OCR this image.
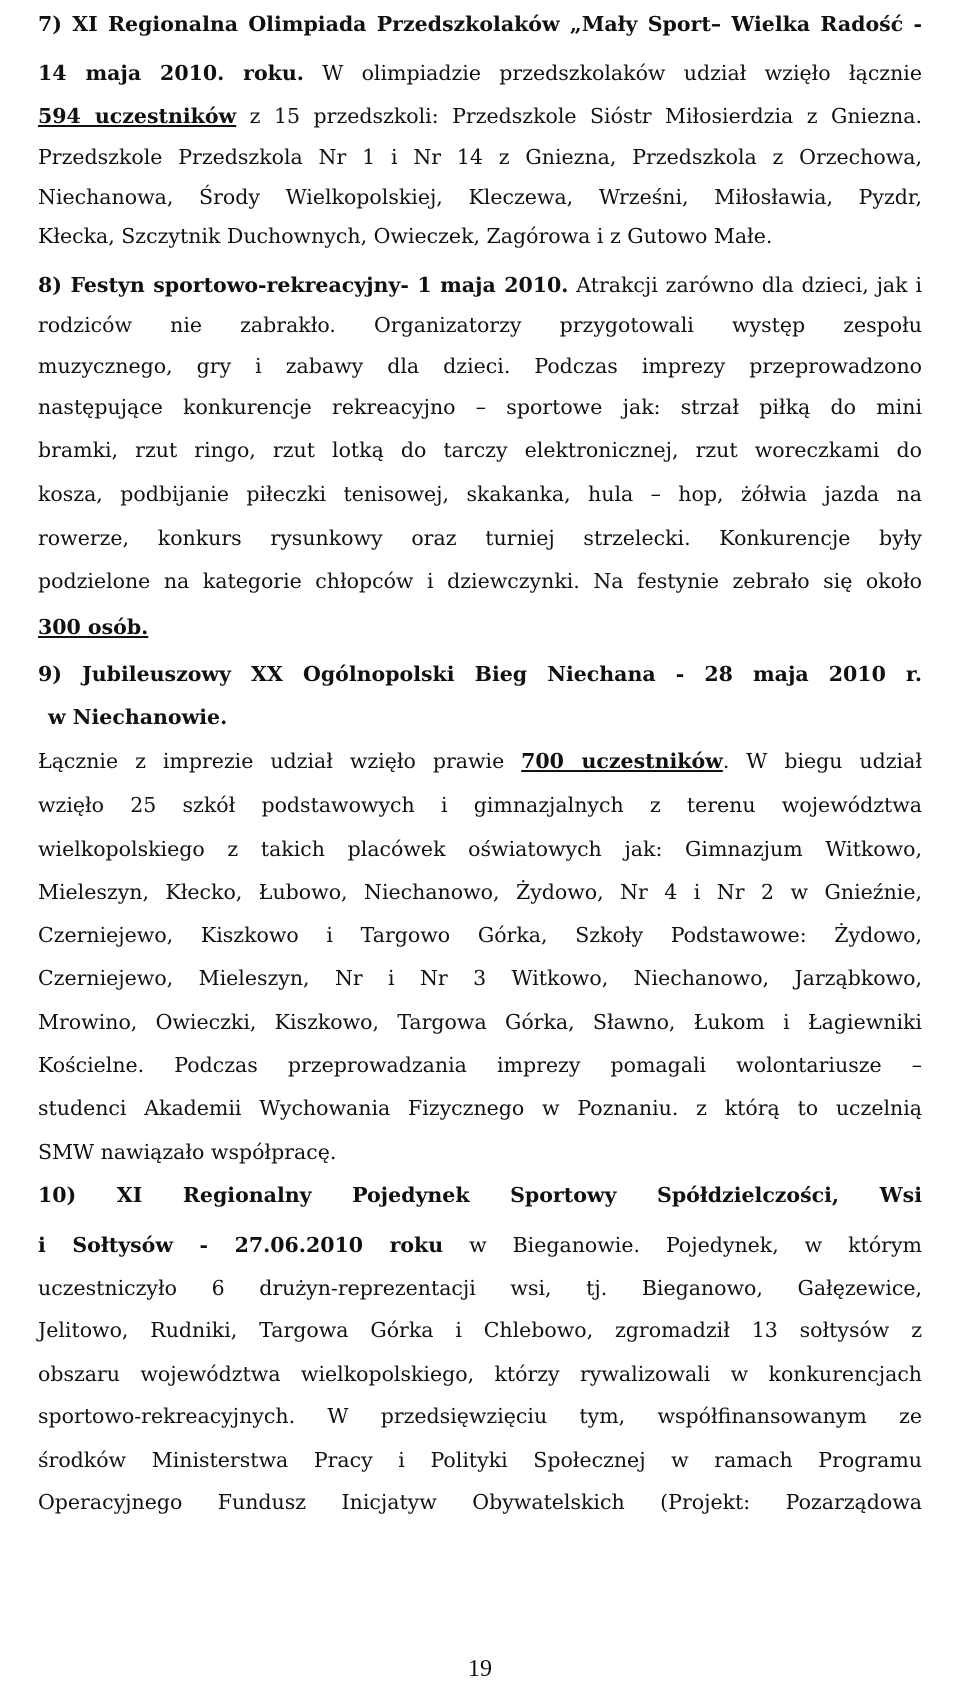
7) XI Regionalna Olimpiada Przedszkolaków „Mały Sport– Wielka Radość -
14 maja 2010. roku. W olimpiadzie przedszkolaków udział wzięło łącznie
594 uczestników z 15 przedszkoli: Przedszkole Sióstr Miłosierdzia z Gniezna.
Przedszkole Przedszkola Nr 1 i Nr 14 z Gniezna, Przedszkola z Orzechowa,
Niechanowa, Środy Wielkopolskiej, Kleczewa, Wrześni, Miłosławia, Pyzdr,
Kłecka, Szczytnik Duchownych, Owieczek, Zagórowa i z Gutowo Małe.
8) Festyn sportowo-rekreacyjny- 1 maja 2010. Atrakcji zarówno dla dzieci, jak i
rodziców nie zabrakło. Organizatorzy przygotowali występ zespołu
muzycznego, gry i zabawy dla dzieci. Podczas imprezy przeprowadzono
następujące konkurencje rekreacyjno – sportowe jak: strzał piłką do mini
bramki, rzut ringo, rzut lotką do tarczy elektronicznej, rzut woreczkami do
kosza, podbijanie piłeczki tenisowej, skakanka, hula – hop, żółwia jazda na
rowerze, konkurs rysunkowy oraz turniej strzelecki. Konkurencje były
podzielone na kategorie chłopców i dziewczynki. Na festynie zebrało się około
300 osób.
9) Jubileuszowy XX Ogólnopolski Bieg Niechana - 28 maja 2010 r.
w Niechanowie.
Łącznie z imprezie udział wzięło prawie 700 uczestników. W biegu udział
wzięło 25 szkół podstawowych i gimnazjalnych z terenu województwa
wielkopolskiego z takich placówek oświatowych jak: Gimnazjum Witkowo,
Mieleszyn, Kłecko, Łubowo, Niechanowo, Żydowo, Nr 4 i Nr 2 w Gnieźnie,
Czerniejewo, Kiszkowo i Targowo Górka, Szkoły Podstawowe: Żydowo,
Czerniejewo, Mieleszyn, Nr i Nr 3 Witkowo, Niechanowo, Jarząbkowo,
Mrowino, Owieczki, Kiszkowo, Targowa Górka, Sławno, Łukom i Łagiewniki
Kościelne. Podczas przeprowadzania imprezy pomagali wolontariusze –
studenci Akademii Wychowania Fizycznego w Poznaniu. z którą to uczelnią
SMW nawiązało współpracę.
10) XI Regionalny Pojedynek Sportowy Spółdzielczości, Wsi
i Sołtysów - 27.06.2010 roku w Bieganowie. Pojedynek, w którym
uczestniczyło 6 drużyn-reprezentacji wsi, tj. Bieganowo, Gałęzewice,
Jelitowo, Rudniki, Targowa Górka i Chlebowo, zgromadził 13 sołtysów z
obszaru województwa wielkopolskiego, którzy rywalizowali w konkurencjach
sportowo-rekreacyjnych. W przedsięwzięciu tym, współfinansowanym ze
środków Ministerstwa Pracy i Polityki Społecznej w ramach Programu
Operacyjnego Fundusz Inicjatyw Obywatelskich (Projekt: Pozarządowa
19
